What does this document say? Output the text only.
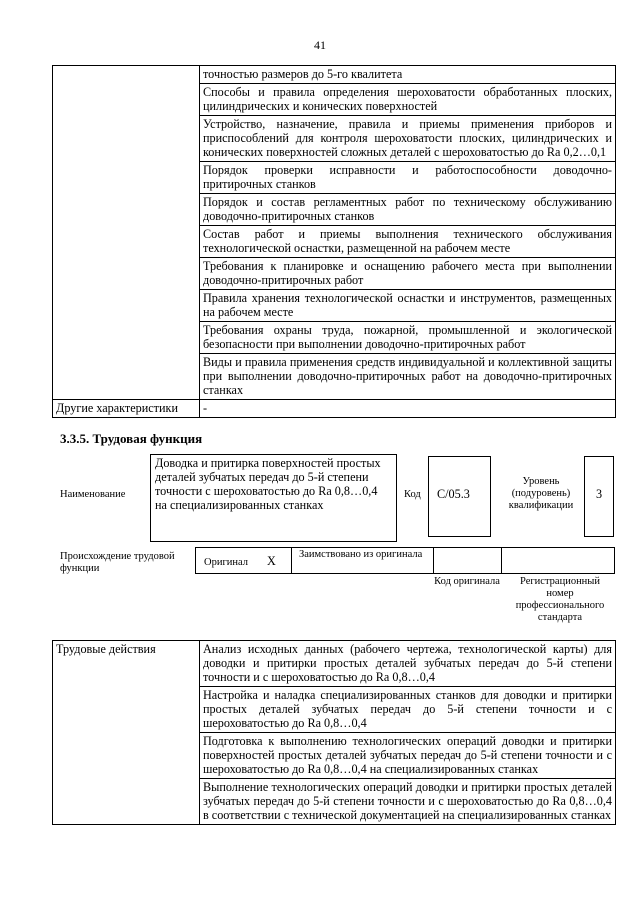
41
	точностью размеров до 5-го квалитета
	Способы и правила определения шероховатости обработанных плоских, цилиндрических и конических поверхностей
	Устройство, назначение, правила и приемы применения приборов и приспособлений для контроля шероховатости плоских, цилиндрических и конических поверхностей сложных деталей с шероховатостью до Ra 0,2…0,1
	Порядок проверки исправности и работоспособности доводочно-притирочных станков
	Порядок и состав регламентных работ по техническому обслуживанию доводочно-притирочных станков
	Состав работ и приемы выполнения технического обслуживания технологической оснастки, размещенной на рабочем месте
	Требования к планировке и оснащению рабочего места при выполнении доводочно-притирочных работ
	Правила хранения технологической оснастки и инструментов, размещенных на рабочем месте
	Требования охраны труда, пожарной, промышленной и экологической безопасности при выполнении доводочно-притирочных работ
	Виды и правила применения средств индивидуальной и коллективной защиты при выполнении доводочно-притирочных работ на доводочно-притирочных станках
Другие характеристики	-
3.3.5. Трудовая функция
Наименование
Доводка и притирка поверхностей простых деталей зубчатых передач до 5-й степени точности с шероховатостью до Ra 0,8…0,4 на специализированных станках
Код	С/05.3
Уровень (подуровень) квалификации
3
Происхождение трудовой функции
Оригинал X Заимствовано из оригинала
Код оригинала	Регистрационный номер профессионального стандарта
Трудовые действия	Анализ исходных данных (рабочего чертежа, технологической карты) для доводки и притирки простых деталей зубчатых передач до 5-й степени точности и с шероховатостью до Ra 0,8…0,4
Настройка и наладка специализированных станков для доводки и притирки простых деталей зубчатых передач до 5-й степени точности и с шероховатостью до Ra 0,8…0,4
Подготовка к выполнению технологических операций доводки и притирки поверхностей простых деталей зубчатых передач до 5-й степени точности и с шероховатостью до Ra 0,8…0,4 на специализированных станках
Выполнение технологических операций доводки и притирки простых деталей зубчатых передач до 5-й степени точности и с шероховатостью до Ra 0,8…0,4 в соответствии с технической документацией на специализированных станках
